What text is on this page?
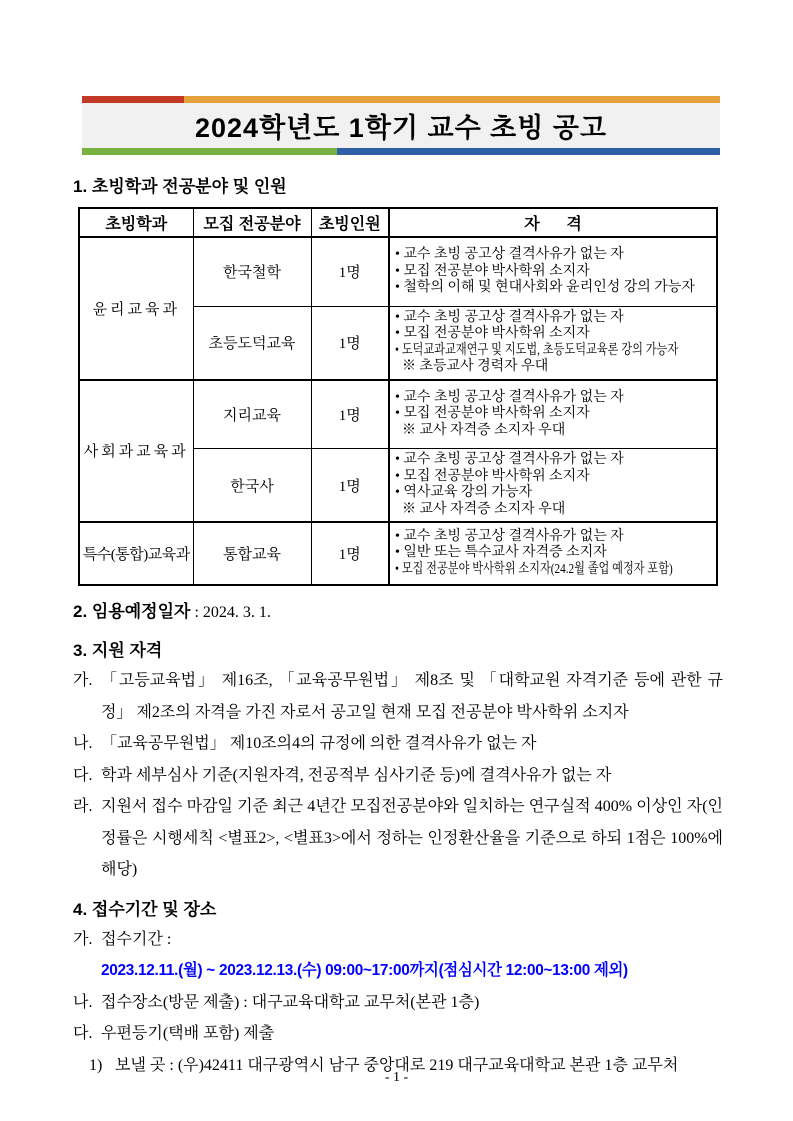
2024학년도 1학기 교수 초빙 공고
1. 초빙학과 전공분야 및 인원
초빙학과	모집 전공분야	초빙인원	자      격
윤리교육과	한국철학	1명	• 교수 초빙 공고상 결격사유가 없는 자
• 모집 전공분야 박사학위 소지자
• 철학의 이해 및 현대사회와 윤리인성 강의 가능자

	초등도덕교육	1명	• 교수 초빙 공고상 결격사유가 없는 자
• 모집 전공분야 박사학위 소지자
• 도덕교과교재연구 및 지도법, 초등도덕교육론 강의 가능자
※ 초등교사 경력자 우대

사회과교육과	지리교육	1명	• 교수 초빙 공고상 결격사유가 없는 자
• 모집 전공분야 박사학위 소지자
※ 교사 자격증 소지자 우대

	한국사	1명	• 교수 초빙 공고상 결격사유가 없는 자
• 모집 전공분야 박사학위 소지자
• 역사교육 강의 가능자
※ 교사 자격증 소지자 우대

특수(통합)교육과	통합교육	1명	• 교수 초빙 공고상 결격사유가 없는 자
• 일반 또는 특수교사 자격증 소지자
• 모집 전공분야 박사학위 소지자(24.2월 졸업 예정자 포함)
2. 임용예정일자 : 2024. 3. 1.
3. 지원 자격
가. 「고등교육법」 제16조, 「교육공무원법」 제8조 및 「대학교원 자격기준 등에 관한 규정」 제2조의 자격을 가진 자로서 공고일 현재 모집 전공분야 박사학위 소지자
나. 「교육공무원법」 제10조의4의 규정에 의한 결격사유가 없는 자
다. 학과 세부심사 기준(지원자격, 전공적부 심사기준 등)에 결격사유가 없는 자
라. 지원서 접수 마감일 기준 최근 4년간 모집전공분야와 일치하는 연구실적 400% 이상인 자(인정률은 시행세칙 <별표2>, <별표3>에서 정하는 인정환산율을 기준으로 하되 1점은 100%에 해당)
4. 접수기간 및 장소
가. 접수기간 : 2023.12.11.(월) ~ 2023.12.13.(수) 09:00~17:00까지(점심시간 12:00~13:00 제외)
나. 접수장소(방문 제출) : 대구교육대학교 교무처(본관 1층)
다. 우편등기(택배 포함) 제출
1) 보낼 곳 : (우)42411 대구광역시 남구 중앙대로 219 대구교육대학교 본관 1층 교무처
- 1 -
